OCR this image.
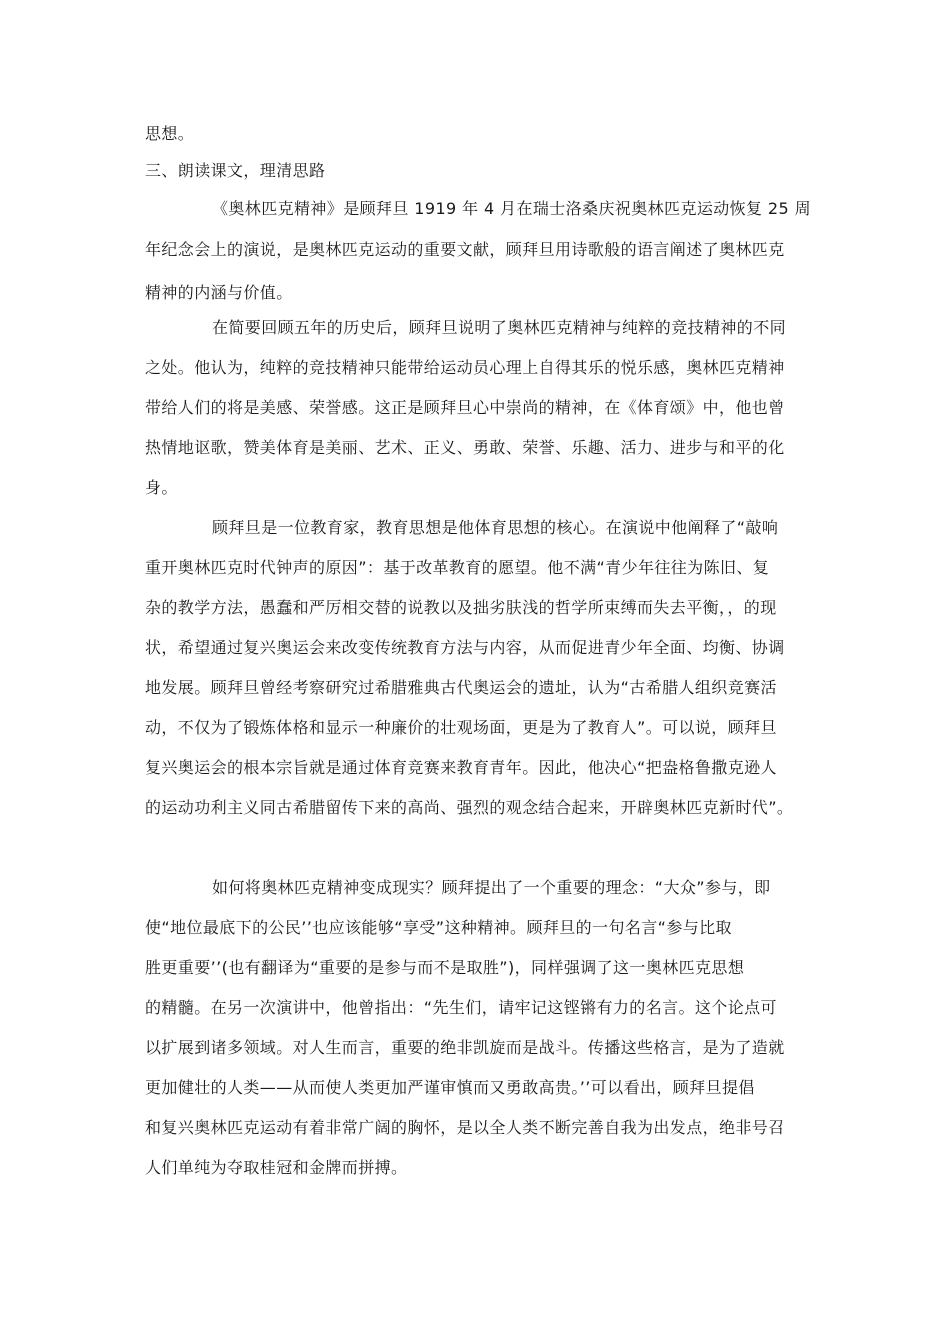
思想。
三、朗读课文，理清思路
《奥林匹克精神》是顾拜旦 1919 年 4 月在瑞士洛桑庆祝奥林匹克运动恢复 25 周
年纪念会上的演说，是奥林匹克运动的重要文献，顾拜旦用诗歌般的语言阐述了奥林匹克
精神的内涵与价值。
在简要回顾五年的历史后，顾拜旦说明了奥林匹克精神与纯粹的竞技精神的不同
之处。他认为，纯粹的竞技精神只能带给运动员心理上自得其乐的悦乐感，奥林匹克精神
带给人们的将是美感、荣誉感。这正是顾拜旦心中崇尚的精神，在《体育颂》中，他也曾
热情地讴歌，赞美体育是美丽、艺术、正义、勇敢、荣誉、乐趣、活力、进步与和平的化
身。
顾拜旦是一位教育家，教育思想是他体育思想的核心。在演说中他阐释了“敲响
重开奥林匹克时代钟声的原因”：基于改革教育的愿望。他不满“青少年往往为陈旧、复
杂的教学方法，愚蠢和严厉相交替的说教以及拙劣肤浅的哲学所束缚而失去平衡，，的现
状，希望通过复兴奥运会来改变传统教育方法与内容，从而促进青少年全面、均衡、协调
地发展。顾拜旦曾经考察研究过希腊雅典古代奥运会的遗址，认为“古希腊人组织竞赛活
动，不仅为了锻炼体格和显示一种廉价的壮观场面，更是为了教育人”。可以说，顾拜旦
复兴奥运会的根本宗旨就是通过体育竞赛来教育青年。因此，他决心“把盎格鲁撒克逊人
的运动功利主义同古希腊留传下来的高尚、强烈的观念结合起来，开辟奥林匹克新时代”。
如何将奥林匹克精神变成现实？顾拜提出了一个重要的理念：“大众”参与，即
使“地位最底下的公民’’也应该能够“享受”这种精神。顾拜旦的一句名言“参与比取
胜更重要’’(也有翻译为“重要的是参与而不是取胜”)，同样强调了这一奥林匹克思想
的精髓。在另一次演讲中，他曾指出：“先生们，请牢记这铿锵有力的名言。这个论点可
以扩展到诸多领域。对人生而言，重要的绝非凯旋而是战斗。传播这些格言，是为了造就
更加健壮的人类——从而使人类更加严谨审慎而又勇敢高贵。’’可以看出，顾拜旦提倡
和复兴奥林匹克运动有着非常广阔的胸怀，是以全人类不断完善自我为出发点，绝非号召
人们单纯为夺取桂冠和金牌而拼搏。
